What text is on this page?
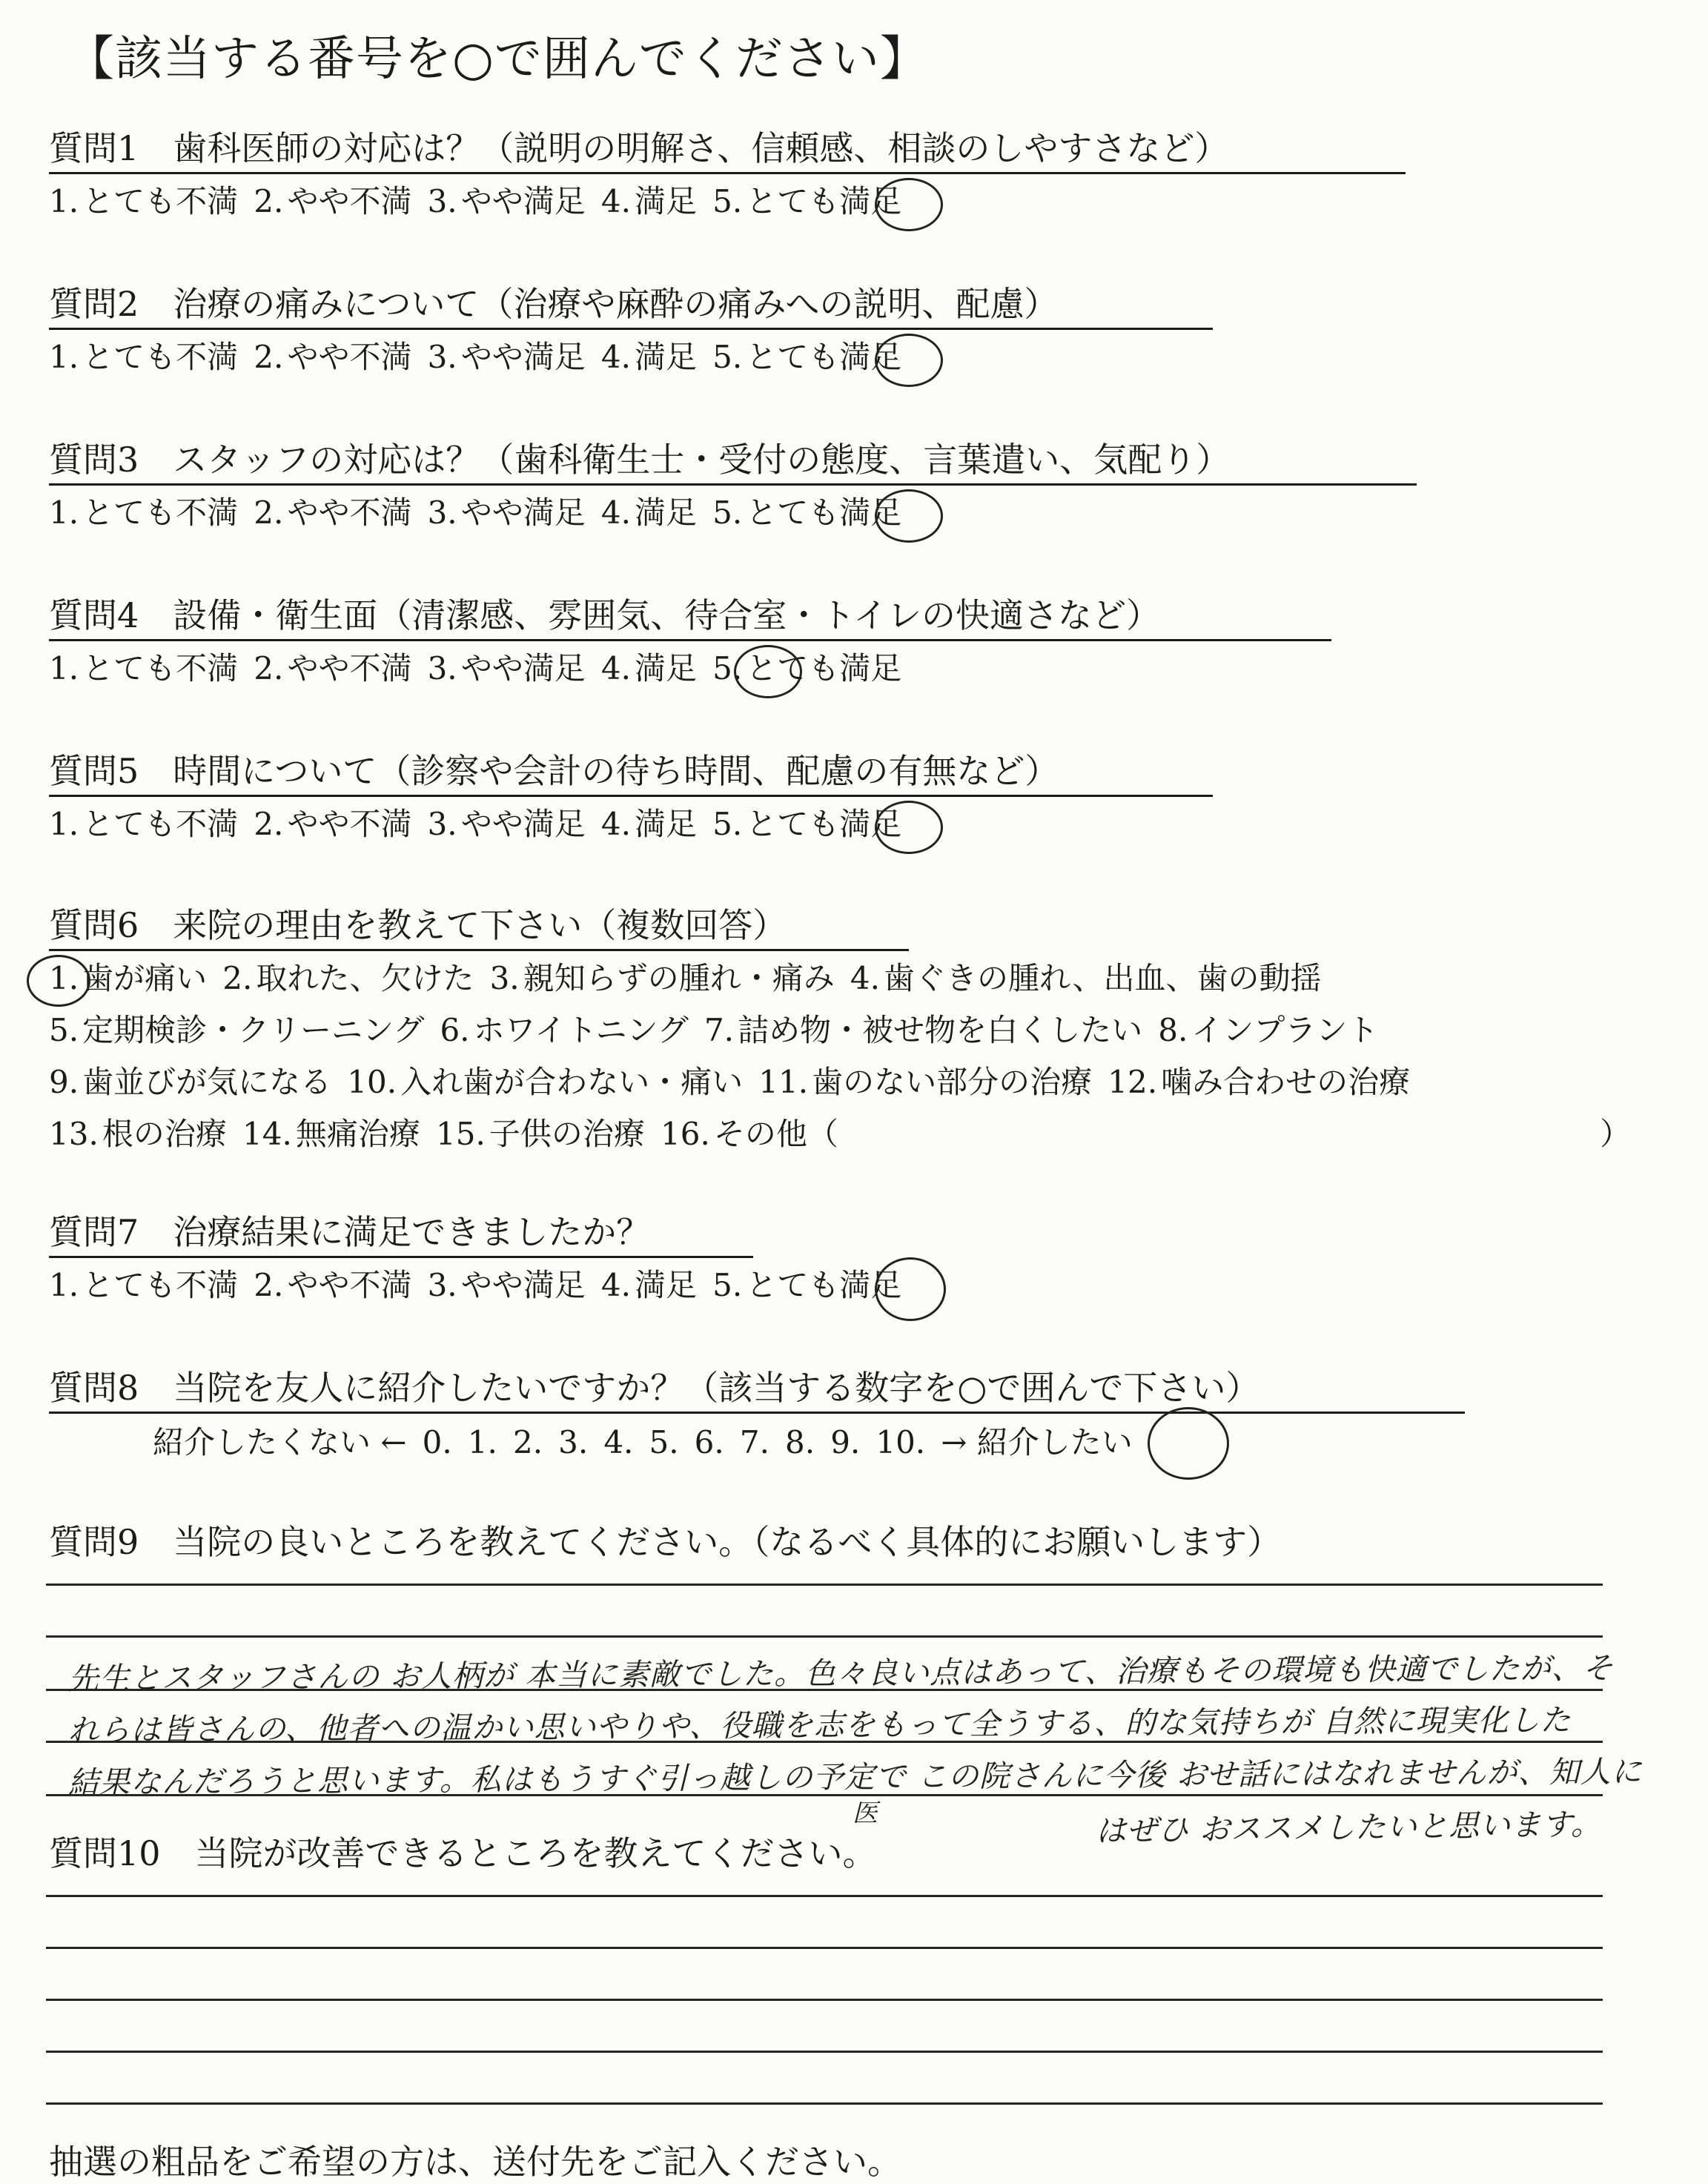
【該当する番号を○で囲んでください】
質問1　歯科医師の対応は？（説明の明解さ、信頼感、相談のしやすさなど）
1. とても不満  2. やや不満  3. やや満足  4. 満足  5. とても満足
質問2　治療の痛みについて（治療や麻酔の痛みへの説明、配慮）
1. とても不満  2. やや不満  3. やや満足  4. 満足  5. とても満足
質問3　スタッフの対応は？（歯科衛生士・受付の態度、言葉遣い、気配り）
1. とても不満  2. やや不満  3. やや満足  4. 満足  5. とても満足
質問4　設備・衛生面（清潔感、雰囲気、待合室・トイレの快適さなど）
1. とても不満  2. やや不満  3. やや満足  4. 満足  5. とても満足
質問5　時間について（診察や会計の待ち時間、配慮の有無など）
1. とても不満  2. やや不満  3. やや満足  4. 満足  5. とても満足
質問6　来院の理由を教えて下さい（複数回答）
1. 歯が痛い  2. 取れた、欠けた  3. 親知らずの腫れ・痛み  4. 歯ぐきの腫れ、出血、歯の動揺
5. 定期検診・クリーニング  6. ホワイトニング  7. 詰め物・被せ物を白くしたい  8. インプラント
9. 歯並びが気になる  10. 入れ歯が合わない・痛い  11. 歯のない部分の治療  12. 噛み合わせの治療
13. 根の治療  14. 無痛治療  15. 子供の治療  16. その他（	）
質問7　治療結果に満足できましたか？
1. とても不満  2. やや不満  3. やや満足  4. 満足  5. とても満足
質問8　当院を友人に紹介したいですか？（該当する数字を○で囲んで下さい）
紹介したくない ←  0.  1.  2.  3.  4.  5.  6.  7.  8.  9.  10.  → 紹介したい
質問9　当院の良いところを教えてください。（なるべく具体的にお願いします）
先生とスタッフさんの お人柄が 本当に素敵でした。色々良い点はあって、治療もその環境も快適でしたが、そ
れらは皆さんの、他者への温かい思いやりや、役職を志をもって全うする、的な気持ちが 自然に現実化した
結果なんだろうと思います。私はもうすぐ引っ越しの予定で この院さんに今後 おせ話にはなれませんが、知人に
はぜひ おススメしたいと思います。
医
質問10　当院が改善できるところを教えてください。
抽選の粗品をご希望の方は、送付先をご記入ください。
